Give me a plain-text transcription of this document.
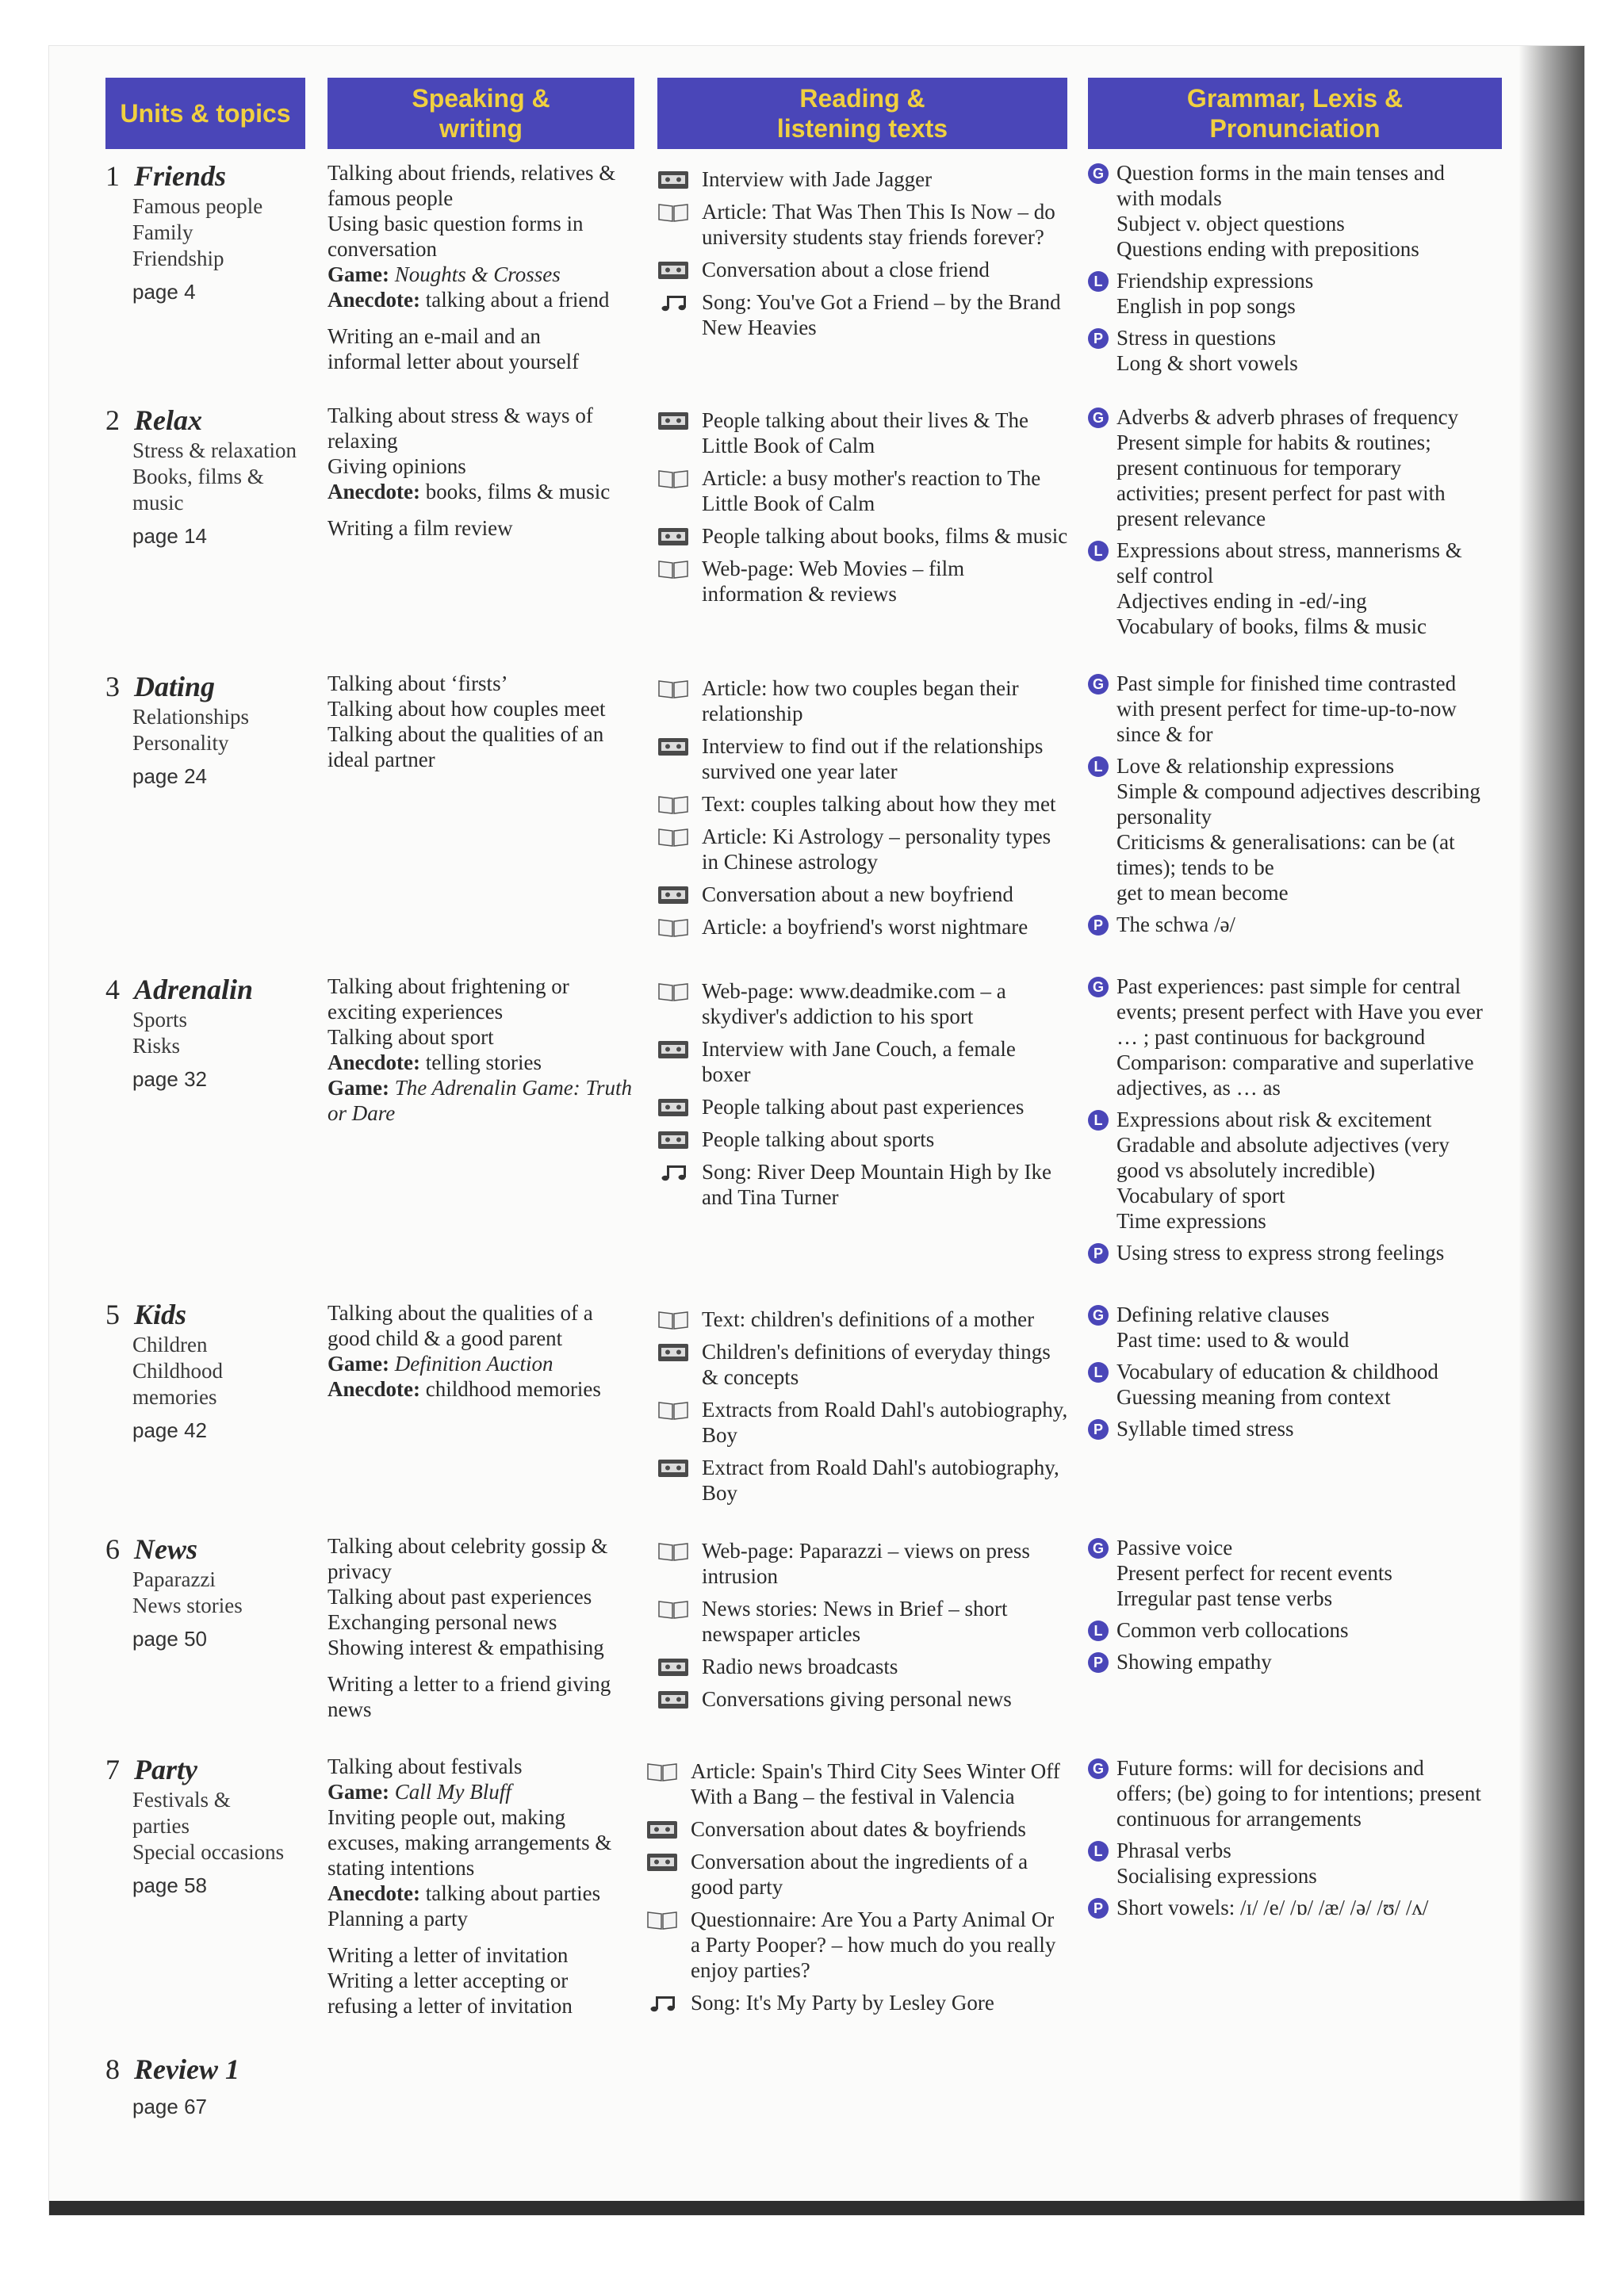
Units & topics
Speaking &
writing
Reading &
listening texts
Grammar, Lexis &
Pronunciation
1 Friends
Famous people
Family
Friendship
page 4
Talking about friends, relatives &
famous people
Using basic question forms in
conversation
Game: Noughts & Crosses
Anecdote: talking about a friend
Writing an e-mail and an
informal letter about yourself
Interview with Jade Jagger
Article: That Was Then This Is Now – do university students stay friends forever?
Conversation about a close friend
Song: You've Got a Friend – by the Brand New Heavies
G Question forms in the main tenses and with modals
Subject v. object questions
Questions ending with prepositions
L Friendship expressions
English in pop songs
P Stress in questions
Long & short vowels
2 Relax
Stress & relaxation
Books, films &
music
page 14
Talking about stress & ways of
relaxing
Giving opinions
Anecdote: books, films & music
Writing a film review
People talking about their lives & The Little Book of Calm
Article: a busy mother's reaction to The Little Book of Calm
People talking about books, films & music
Web-page: Web Movies – film information & reviews
G Adverbs & adverb phrases of frequency
Present simple for habits & routines; present continuous for temporary activities; present perfect for past with present relevance
L Expressions about stress, mannerisms & self control
Adjectives ending in -ed/-ing
Vocabulary of books, films & music
3 Dating
Relationships
Personality
page 24
Talking about ‘firsts’
Talking about how couples meet
Talking about the qualities of an
ideal partner
Article: how two couples began their relationship
Interview to find out if the relationships survived one year later
Text: couples talking about how they met
Article: Ki Astrology – personality types in Chinese astrology
Conversation about a new boyfriend
Article: a boyfriend's worst nightmare
G Past simple for finished time contrasted with present perfect for time-up-to-now since & for
L Love & relationship expressions
Simple & compound adjectives describing personality
Criticisms & generalisations: can be (at times); tends to be
get to mean become
P The schwa /ə/
4 Adrenalin
Sports
Risks
page 32
Talking about frightening or
exciting experiences
Talking about sport
Anecdote: telling stories
Game: The Adrenalin Game: Truth or Dare
Web-page: www.deadmike.com – a skydiver's addiction to his sport
Interview with Jane Couch, a female boxer
People talking about past experiences
People talking about sports
Song: River Deep Mountain High by Ike and Tina Turner
G Past experiences: past simple for central events; present perfect with Have you ever … ; past continuous for background
Comparison: comparative and superlative adjectives, as … as
L Expressions about risk & excitement
Gradable and absolute adjectives (very good vs absolutely incredible)
Vocabulary of sport
Time expressions
P Using stress to express strong feelings
5 Kids
Children
Childhood
memories
page 42
Talking about the qualities of a
good child & a good parent
Game: Definition Auction
Anecdote: childhood memories
Text: children's definitions of a mother
Children's definitions of everyday things & concepts
Extracts from Roald Dahl's autobiography, Boy
Extract from Roald Dahl's autobiography, Boy
G Defining relative clauses
Past time: used to & would
L Vocabulary of education & childhood
Guessing meaning from context
P Syllable timed stress
6 News
Paparazzi
News stories
page 50
Talking about celebrity gossip &
privacy
Talking about past experiences
Exchanging personal news
Showing interest & empathising
Writing a letter to a friend giving
news
Web-page: Paparazzi – views on press intrusion
News stories: News in Brief – short newspaper articles
Radio news broadcasts
Conversations giving personal news
G Passive voice
Present perfect for recent events
Irregular past tense verbs
L Common verb collocations
P Showing empathy
7 Party
Festivals &
parties
Special occasions
page 58
Talking about festivals
Game: Call My Bluff
Inviting people out, making
excuses, making arrangements &
stating intentions
Anecdote: talking about parties
Planning a party
Writing a letter of invitation
Writing a letter accepting or
refusing a letter of invitation
Article: Spain's Third City Sees Winter Off With a Bang – the festival in Valencia
Conversation about dates & boyfriends
Conversation about the ingredients of a good party
Questionnaire: Are You a Party Animal Or a Party Pooper? – how much do you really enjoy parties?
Song: It's My Party by Lesley Gore
G Future forms: will for decisions and offers; (be) going to for intentions; present continuous for arrangements
L Phrasal verbs
Socialising expressions
P Short vowels: /ɪ/ /e/ /ɒ/ /æ/ /ə/ /ʊ/ /ʌ/
8 Review 1
page 67
